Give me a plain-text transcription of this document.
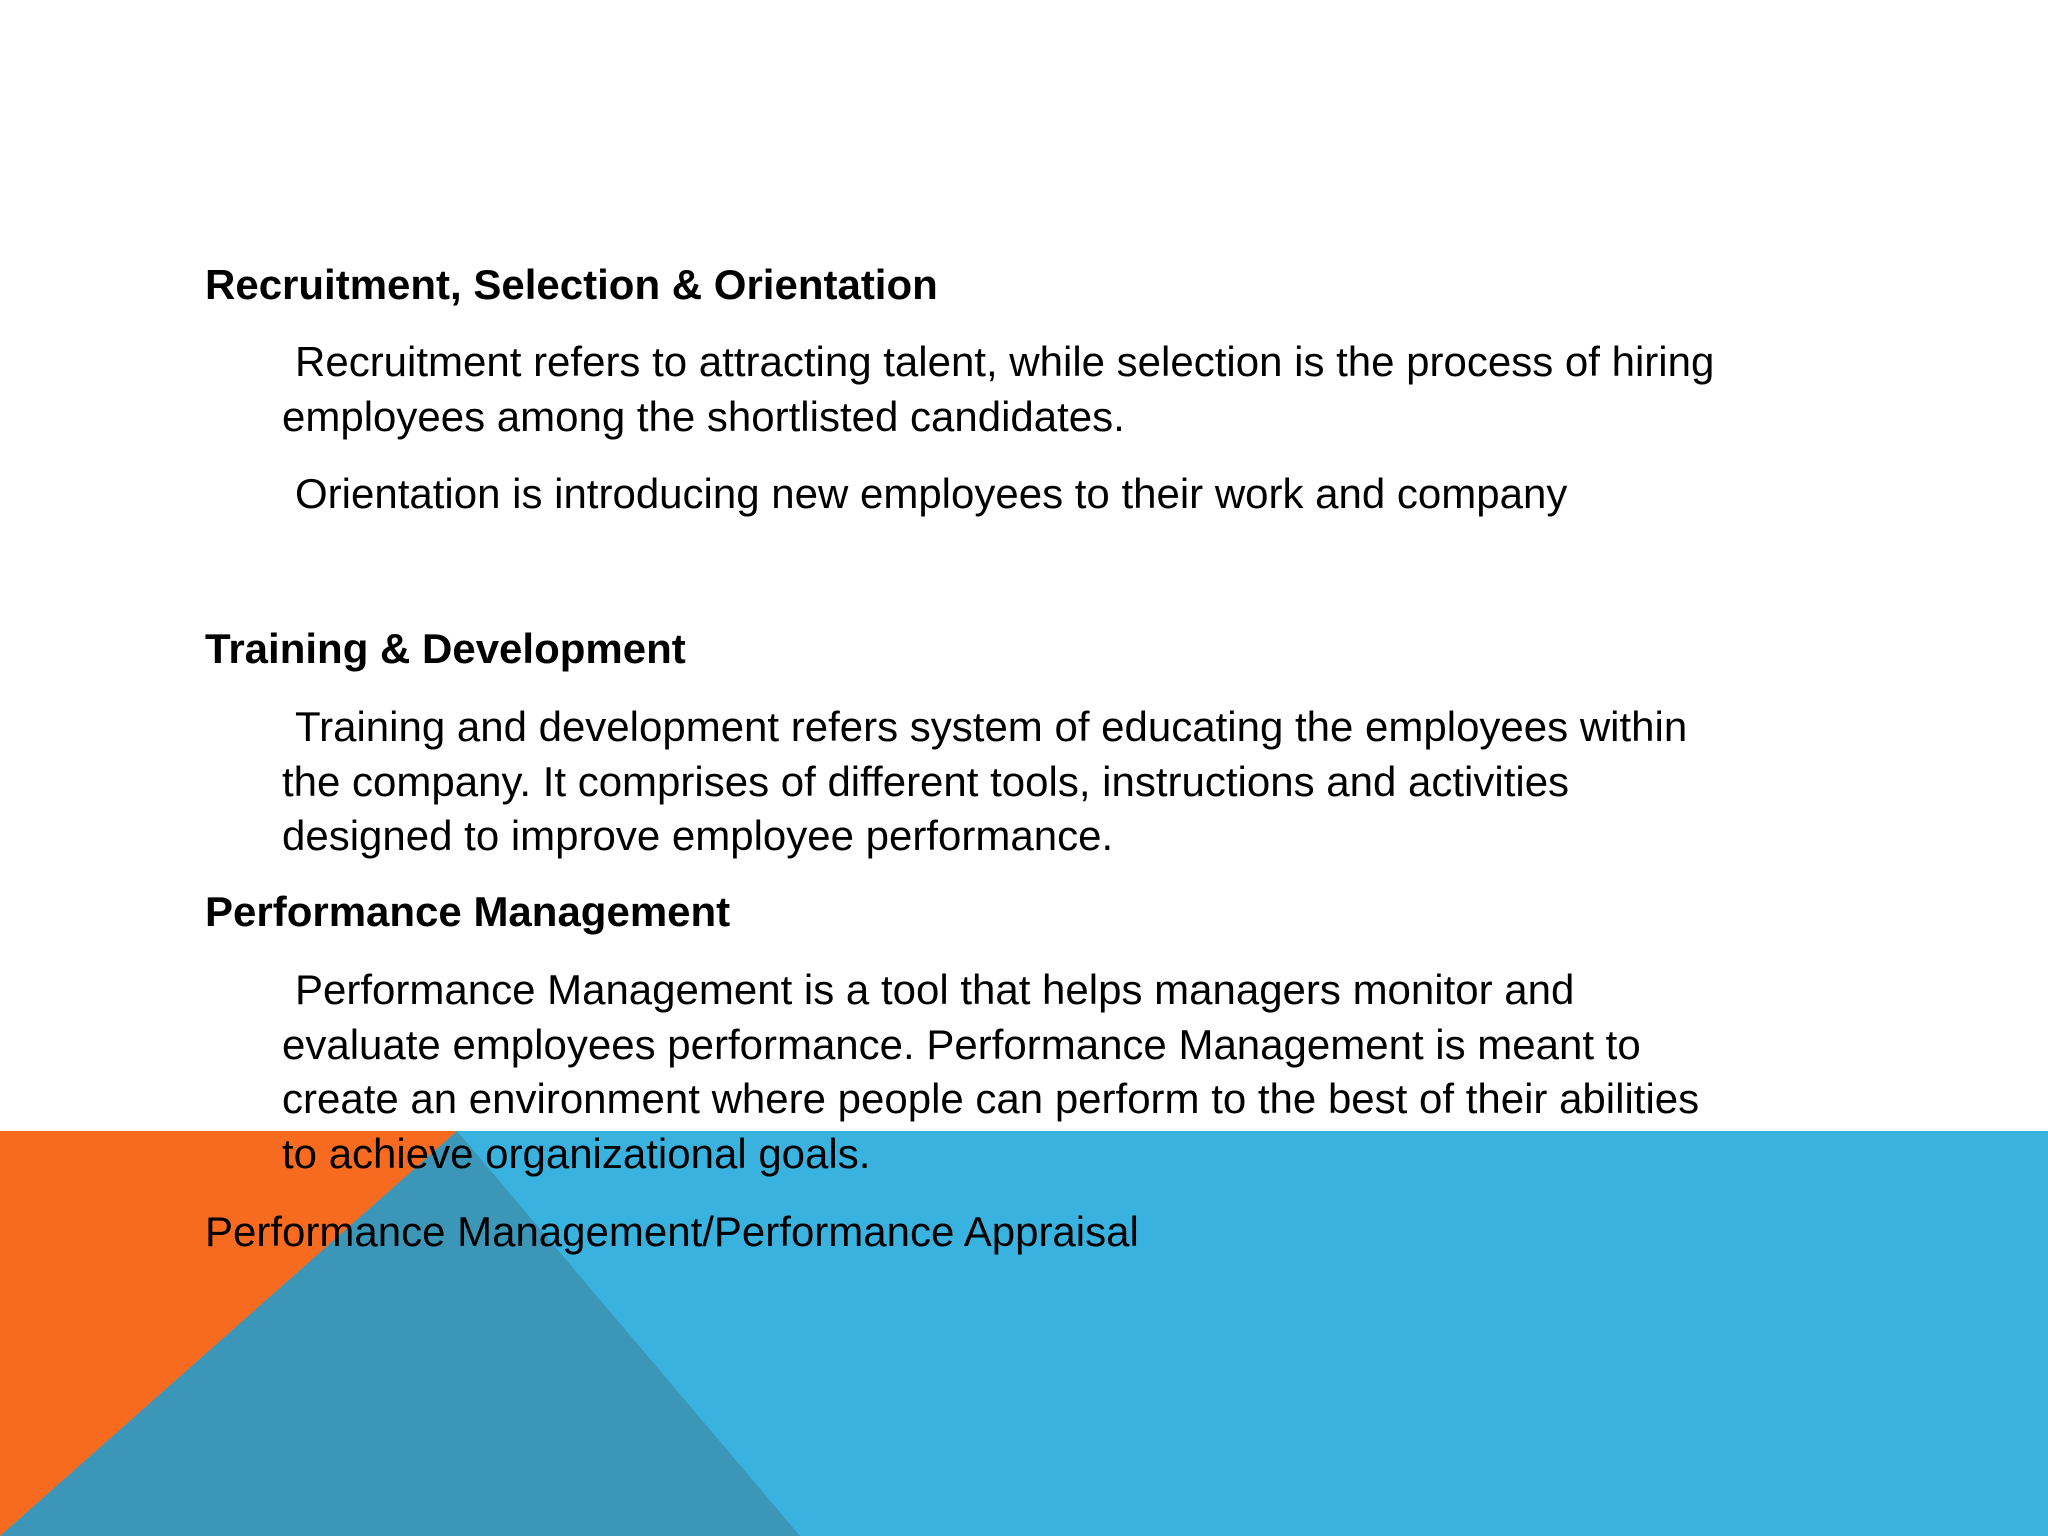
Recruitment, Selection & Orientation

Recruitment refers to attracting talent, while selection is the process of hiring
employees among the shortlisted candidates.

Orientation is introducing new employees to their work and company

Training & Development

Training and development refers system of educating the employees within
the company. It comprises of different tools, instructions and activities
designed to improve employee performance.

Performance Management

Performance Management is a tool that helps managers monitor and
evaluate employees performance. Performance Management is meant to
create an environment where people can perform to the best of their abilities
to achieve organizational goals.

Performance Management/Performance Appraisal
